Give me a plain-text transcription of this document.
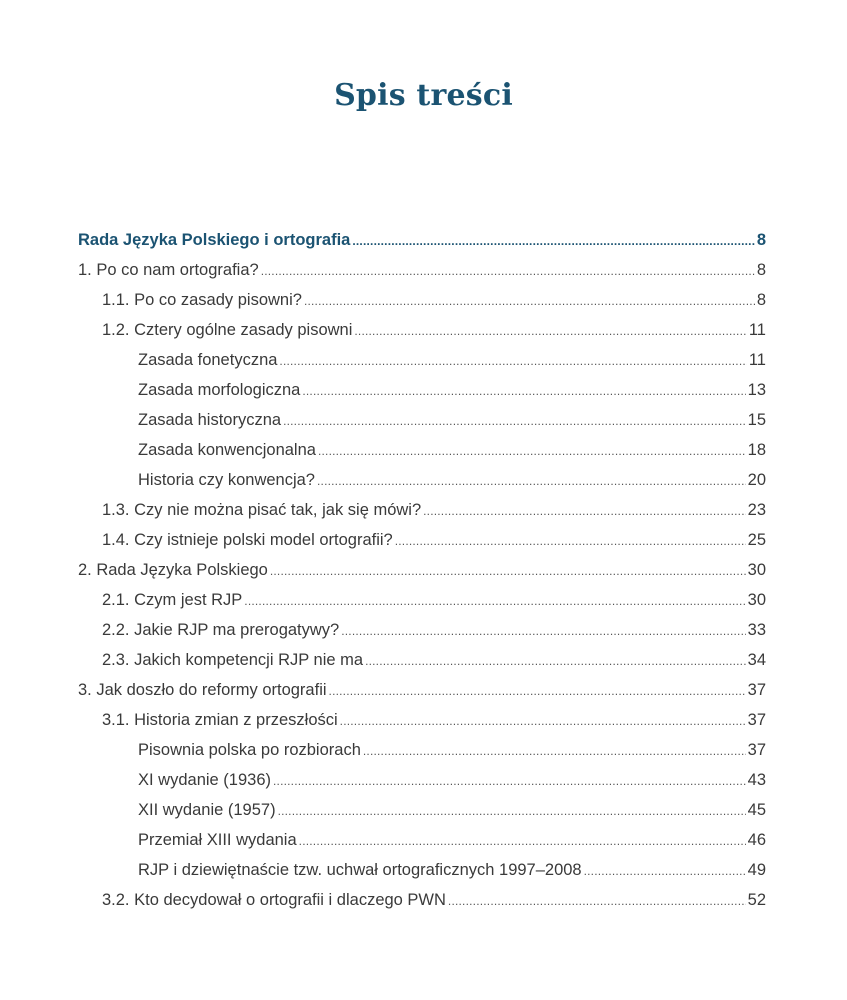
Spis treści
Rada Języka Polskiego i ortografia .....	8
1. Po co nam ortografia? .....	8
1.1. Po co zasady pisowni? .....	8
1.2. Cztery ogólne zasady pisowni .....	11
Zasada fonetyczna .....	11
Zasada morfologiczna .....	13
Zasada historyczna .....	15
Zasada konwencjonalna .....	18
Historia czy konwencja? .....	20
1.3. Czy nie można pisać tak, jak się mówi? .....	23
1.4. Czy istnieje polski model ortografii? .....	25
2. Rada Języka Polskiego .....	30
2.1. Czym jest RJP .....	30
2.2. Jakie RJP ma prerogatywy? .....	33
2.3. Jakich kompetencji RJP nie ma .....	34
3. Jak doszło do reformy ortografii .....	37
3.1. Historia zmian z przeszłości .....	37
Pisownia polska po rozbiorach .....	37
XI wydanie (1936) .....	43
XII wydanie (1957) .....	45
Przemiał XIII wydania .....	46
RJP i dziewiętnaście tzw. uchwał ortograficznych 1997–2008 .....	49
3.2. Kto decydował o ortografii i dlaczego PWN .....	52
